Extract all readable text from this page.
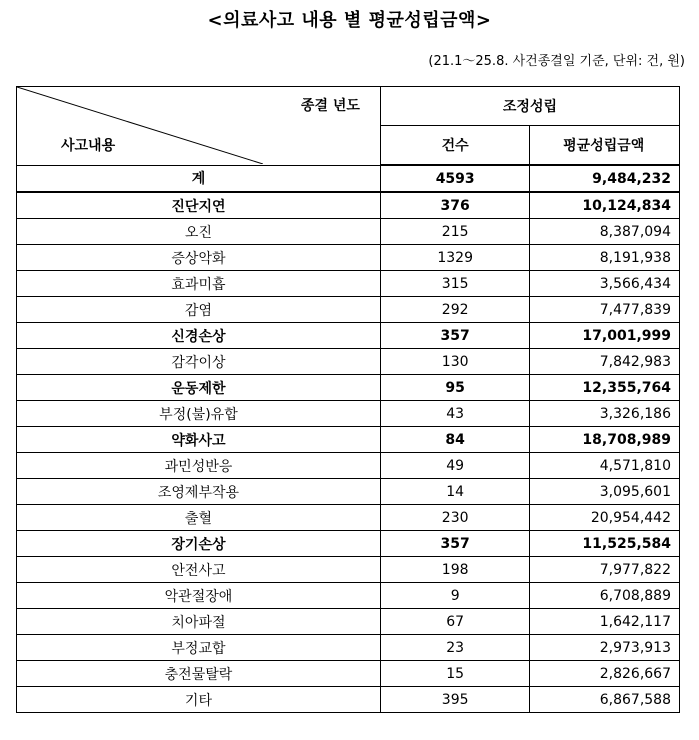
<의료사고 내용 별 평균성립금액>
(21.1～25.8. 사건종결일 기준, 단위: 건, 원)
종결 년도
사고내용	조정성립	
	건수	평균성립금액
계	4593	9,484,232
진단지연	376	10,124,834
오진	215	8,387,094
증상악화	1329	8,191,938
효과미흡	315	3,566,434
감염	292	7,477,839
신경손상	357	17,001,999
감각이상	130	7,842,983
운동제한	95	12,355,764
부정(불)유합	43	3,326,186
약화사고	84	18,708,989
과민성반응	49	4,571,810
조영제부작용	14	3,095,601
출혈	230	20,954,442
장기손상	357	11,525,584
안전사고	198	7,977,822
악관절장애	9	6,708,889
치아파절	67	1,642,117
부정교합	23	2,973,913
충전물탈락	15	2,826,667
기타	395	6,867,588
